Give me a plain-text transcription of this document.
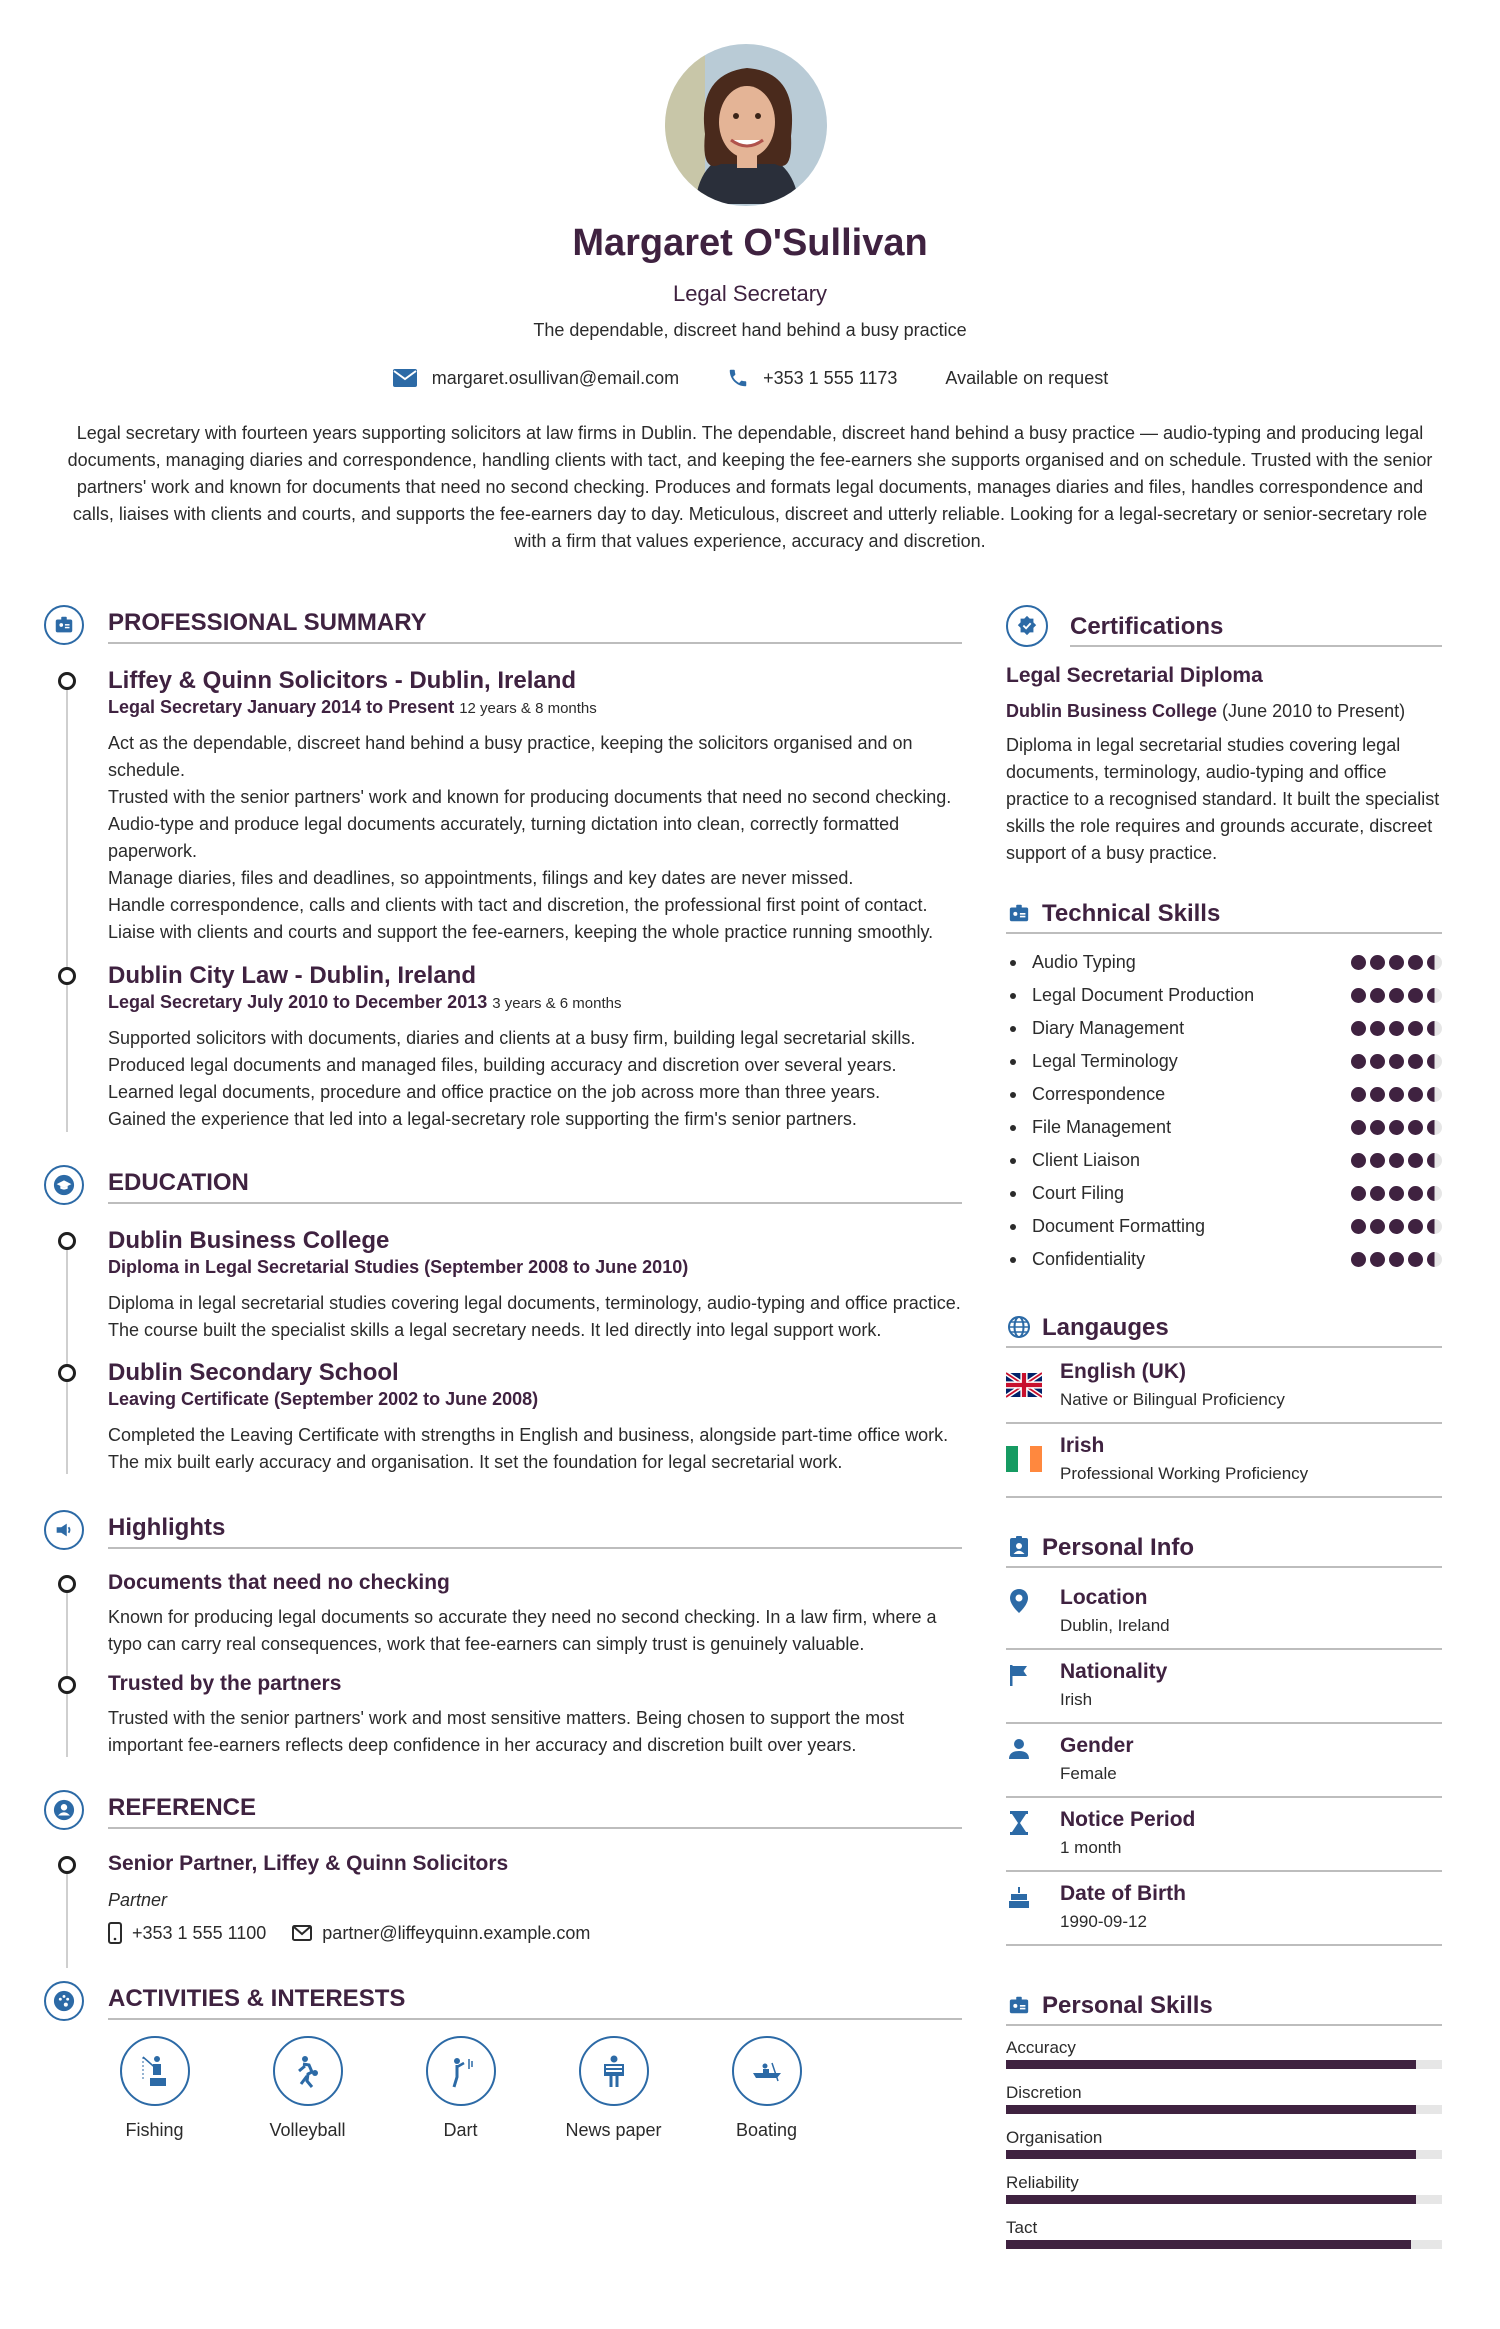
Margaret O'Sullivan
Legal Secretary
The dependable, discreet hand behind a busy practice
margaret.osullivan@email.com	+353 1 555 1173	Available on request
Legal secretary with fourteen years supporting solicitors at law firms in Dublin. The dependable, discreet hand behind a busy practice — audio-typing and producing legal documents, managing diaries and correspondence, handling clients with tact, and keeping the fee-earners she supports organised and on schedule. Trusted with the senior partners' work and known for documents that need no second checking. Produces and formats legal documents, manages diaries and files, handles correspondence and calls, liaises with clients and courts, and supports the fee-earners day to day. Meticulous, discreet and utterly reliable. Looking for a legal-secretary or senior-secretary role with a firm that values experience, accuracy and discretion.
PROFESSIONAL SUMMARY
Liffey & Quinn Solicitors - Dublin, Ireland
Legal Secretary January 2014 to Present 12 years & 8 months
Act as the dependable, discreet hand behind a busy practice, keeping the solicitors organised and on schedule.
Trusted with the senior partners' work and known for producing documents that need no second checking.
Audio-type and produce legal documents accurately, turning dictation into clean, correctly formatted paperwork.
Manage diaries, files and deadlines, so appointments, filings and key dates are never missed.
Handle correspondence, calls and clients with tact and discretion, the professional first point of contact.
Liaise with clients and courts and support the fee-earners, keeping the whole practice running smoothly.
Dublin City Law - Dublin, Ireland
Legal Secretary July 2010 to December 2013 3 years & 6 months
Supported solicitors with documents, diaries and clients at a busy firm, building legal secretarial skills.
Produced legal documents and managed files, building accuracy and discretion over several years.
Learned legal documents, procedure and office practice on the job across more than three years.
Gained the experience that led into a legal-secretary role supporting the firm's senior partners.
EDUCATION
Dublin Business College
Diploma in Legal Secretarial Studies (September 2008 to June 2010)
Diploma in legal secretarial studies covering legal documents, terminology, audio-typing and office practice. The course built the specialist skills a legal secretary needs. It led directly into legal support work.
Dublin Secondary School
Leaving Certificate (September 2002 to June 2008)
Completed the Leaving Certificate with strengths in English and business, alongside part-time office work. The mix built early accuracy and organisation. It set the foundation for legal secretarial work.
Highlights
Documents that need no checking
Known for producing legal documents so accurate they need no second checking. In a law firm, where a typo can carry real consequences, work that fee-earners can simply trust is genuinely valuable.
Trusted by the partners
Trusted with the senior partners' work and most sensitive matters. Being chosen to support the most important fee-earners reflects deep confidence in her accuracy and discretion built over years.
REFERENCE
Senior Partner, Liffey & Quinn Solicitors
Partner
+353 1 555 1100	partner@liffeyquinn.example.com
ACTIVITIES & INTERESTS
Fishing	Volleyball	Dart	News paper	Boating
Certifications
Legal Secretarial Diploma
Dublin Business College (June 2010 to Present)
Diploma in legal secretarial studies covering legal documents, terminology, audio-typing and office practice to a recognised standard. It built the specialist skills the role requires and grounds accurate, discreet support of a busy practice.
Technical Skills
Audio Typing
Legal Document Production
Diary Management
Legal Terminology
Correspondence
File Management
Client Liaison
Court Filing
Document Formatting
Confidentiality
Langauges
English (UK)
Native or Bilingual Proficiency
Irish
Professional Working Proficiency
Personal Info
Location
Dublin, Ireland
Nationality
Irish
Gender
Female
Notice Period
1 month
Date of Birth
1990-09-12
Personal Skills
Accuracy
Discretion
Organisation
Reliability
Tact
